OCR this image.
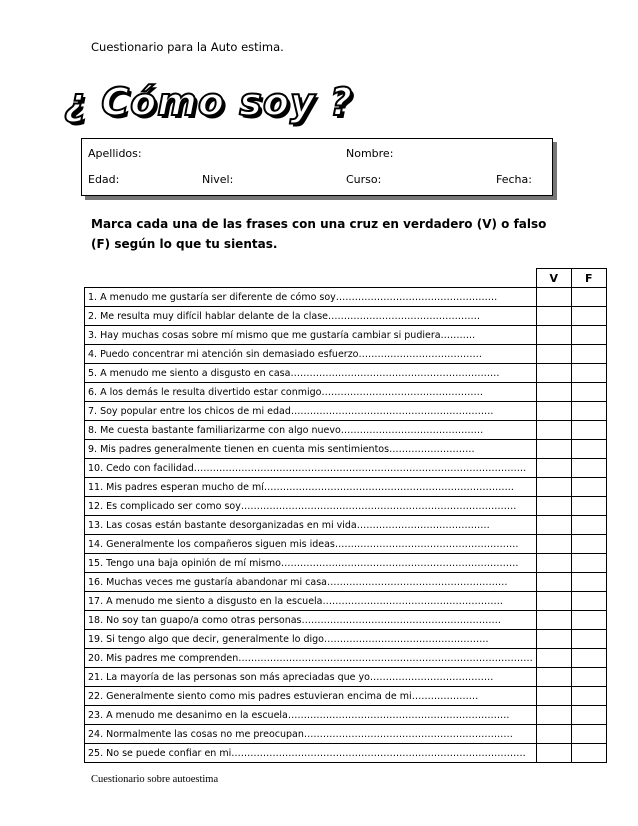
Cuestionario para la Auto estima.
¿ Cómo soy ?
Apellidos:	Nombre:
Edad:	Nivel:	Curso:	Fecha:
Marca cada una de las frases con una cruz en verdadero (V) o falso (F) según lo que tu sientas.
	V	F
1. A menudo me gustaría ser diferente de cómo soy……………………………………………		
2. Me resulta muy difícil hablar delante de la clase…………………………………………		
3. Hay muchas cosas sobre mí mismo que me gustaría cambiar si pudiera………..		
4. Puedo concentrar mi atención sin demasiado esfuerzo…………………………………		
5. A menudo me siento a disgusto en casa…………………………………………………………		
6. A los demás le resulta divertido estar conmigo……………………………………………		
7. Soy popular entre los chicos de mi edad……………………………………………………….		
8. Me cuesta bastante familiarizarme con algo nuevo………………………………………		
9. Mis padres generalmente tienen en cuenta mis sentimientos………………………		
10. Cedo con facilidad……………………………………………………………………………………………		
11. Mis padres esperan mucho de mí…………………………………………………………………….		
12. Es complicado ser como soy……………………………………………………………………………		
13. Las cosas están bastante desorganizadas en mi vida……………………………………		
14. Generalmente los compañeros siguen mis ideas………………………………………………….		
15. Tengo una baja opinión de mí mismo…………………………………………………………………		
16. Muchas veces me gustaría abandonar mi casa…………………………………………………		
17. A menudo me siento a disgusto en la escuela…………………………………………………		
18. No soy tan guapo/a como otras personas………………………………………………………		
19. Si tengo algo que decir, generalmente lo digo…………………………………………….		
20. Mis padres me comprenden…………………………………………………………………………………		
21. La mayoría de las personas son más apreciadas que yo…………………………………		
22. Generalmente siento como mis padres estuvieran encima de mi…………………		
23. A menudo me desanimo en la escuela…………………………………………………………….		
24. Normalmente las cosas no me preocupan…………………………………………………………		
25. No se puede confiar en mi…………………………………………………………………………………		
Cuestionario sobre autoestima
